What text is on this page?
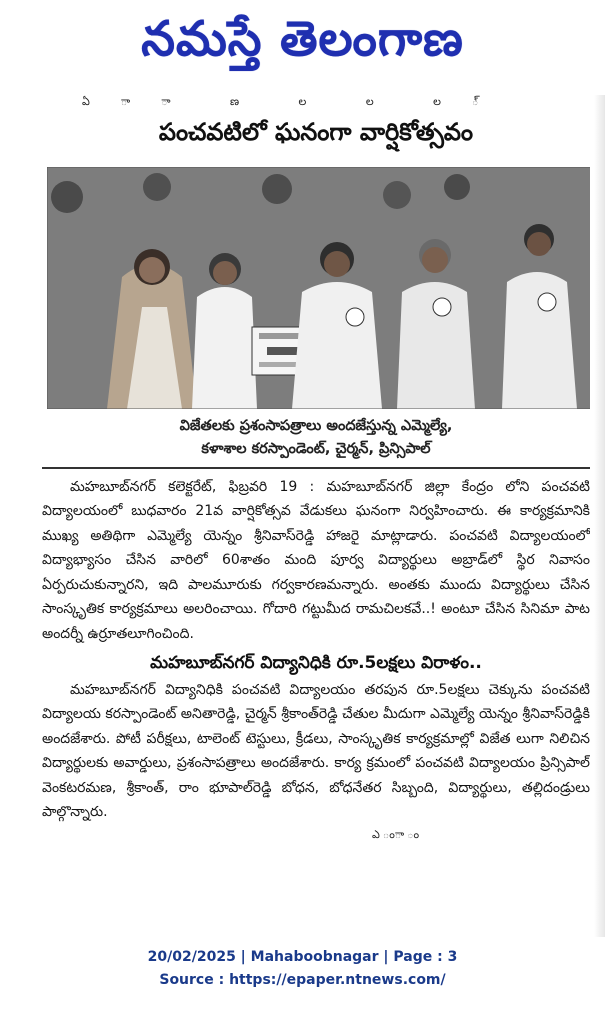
నమస్తే తెలంగాణ
ఏ ా ా ణ ల ల ల ్
పంచవటిలో ఘనంగా వార్షికోత్సవం
విజేతలకు ప్రశంసాపత్రాలు అందజేస్తున్న ఎమ్మెల్యే,
కళాశాల కరస్పాండెంట్, చైర్మన్, ప్రిన్సిపాల్

మహబూబ్‌నగర్ కలెక్టరేట్, ఫిబ్రవరి 19 : మహబూబ్‌నగర్ జిల్లా కేంద్రం లోని పంచవటి విద్యాలయంలో బుధవారం 21వ వార్షికోత్సవ వేడుకలు ఘనంగా నిర్వహించారు. ఈ కార్యక్రమానికి ముఖ్య అతిథిగా ఎమ్మెల్యే యెన్నం శ్రీనివాస్‌రెడ్డి హాజరై మాట్లాడారు. పంచవటి విద్యాలయంలో విద్యాభ్యాసం చేసిన వారిలో 60శాతం మంది పూర్వ విద్యార్థులు అబ్రాడ్‌లో స్థిర నివాసం ఏర్పరుచుకున్నారని, ఇది పాలమూరుకు గర్వకారణమన్నారు. అంతకు ముందు విద్యార్థులు చేసిన సాంస్కృతిక కార్యక్రమాలు అలరించాయి. గోదారి గట్టుమీద రామచిలకవే..! అంటూ చేసిన సినిమా పాట అందర్నీ ఉర్రూతలూగించింది.

మహబూబ్‌నగర్ విద్యానిధికి రూ.5లక్షలు విరాళం..

మహబూబ్‌నగర్ విద్యానిధికి పంచవటి విద్యాలయం తరపున రూ.5లక్షలు చెక్కును పంచవటి విద్యాలయ కరస్పాండెంట్ అనితారెడ్డి, చైర్మన్ శ్రీకాంత్‌రెడ్డి చేతుల మీదుగా ఎమ్మెల్యే యెన్నం శ్రీనివాస్‌రెడ్డికి అందజేశారు. పోటీ పరీక్షలు, టాలెంట్ టెస్టులు, క్రీడలు, సాంస్కృతిక కార్యక్రమాల్లో విజేత లుగా నిలిచిన విద్యార్థులకు అవార్డులు, ప్రశంసాపత్రాలు అందజేశారు. కార్య క్రమంలో పంచవటి విద్యాలయం ప్రిన్సిపాల్ వెంకటరమణ, శ్రీకాంత్, రాం భూపాల్‌రెడ్డి బోధన, బోధనేతర సిబ్బంది, విద్యార్థులు, తల్లిదండ్రులు పాల్గొన్నారు.

ఎ ంా ం
20/02/2025 | Mahaboobnagar | Page : 3
Source : https://epaper.ntnews.com/
